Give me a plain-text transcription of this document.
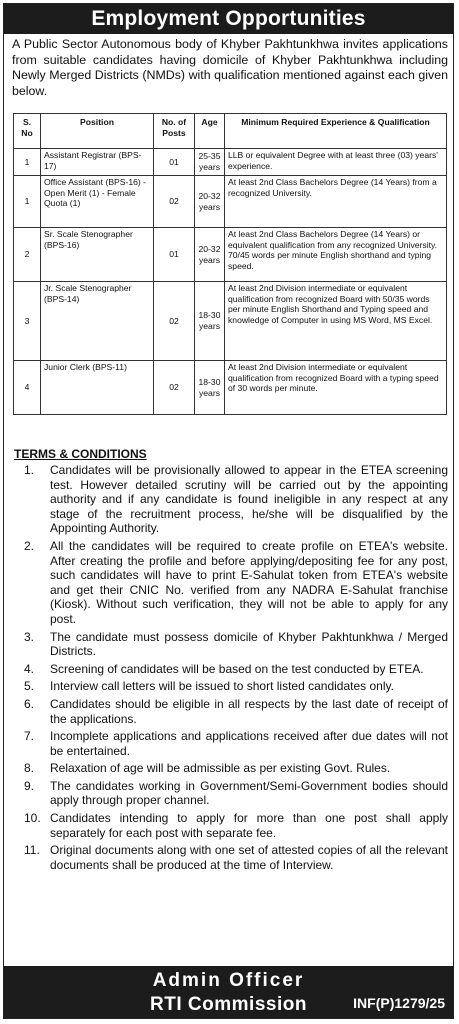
Employment Opportunities

A Public Sector Autonomous body of Khyber Pakhtunkhwa invites applications from suitable candidates having domicile of Khyber Pakhtunkhwa including Newly Merged Districts (NMDs) with qualification mentioned against each given below.

S. No	Position	No. of Posts	Age	Minimum Required Experience & Qualification
1	Assistant Registrar (BPS-17)	01	25-35 years	LLB or equivalent Degree with at least three (03) years' experience.
1	Office Assistant (BPS-16) - Open Merit (1) - Female Quota (1)	02	20-32 years	At least 2nd Class Bachelors Degree (14 Years) from a recognized University.
2	Sr. Scale Stenographer (BPS-16)	01	20-32 years	At least 2nd Class Bachelors Degree (14 Years) or equivalent qualification from any recognized University. 70/45 words per minute English shorthand and typing speed.
3	Jr. Scale Stenographer (BPS-14)	02	18-30 years	At least 2nd Division intermediate or equivalent qualification from recognized Board with 50/35 words per minute English Shorthand and Typing speed and knowledge of Computer in using MS Word, MS Excel.
4	Junior Clerk (BPS-11)	02	18-30 years	At least 2nd Division intermediate or equivalent qualification from recognized Board with a typing speed of 30 words per minute.

TERMS & CONDITIONS

1.	Candidates will be provisionally allowed to appear in the ETEA screening test. However detailed scrutiny will be carried out by the appointing authority and if any candidate is found ineligible in any respect at any stage of the recruitment process, he/she will be disqualified by the Appointing Authority.
2.	All the candidates will be required to create profile on ETEA's website. After creating the profile and before applying/depositing fee for any post, such candidates will have to print E-Sahulat token from ETEA's website and get their CNIC No. verified from any NADRA E-Sahulat franchise (Kiosk). Without such verification, they will not be able to apply for any post.
3.	The candidate must possess domicile of Khyber Pakhtunkhwa / Merged Districts.
4.	Screening of candidates will be based on the test conducted by ETEA.
5.	Interview call letters will be issued to short listed candidates only.
6.	Candidates should be eligible in all respects by the last date of receipt of the applications.
7.	Incomplete applications and applications received after due dates will not be entertained.
8.	Relaxation of age will be admissible as per existing Govt. Rules.
9.	The candidates working in Government/Semi-Government bodies should apply through proper channel.
10. Candidates intending to apply for more than one post shall apply separately for each post with separate fee.
11. Original documents along with one set of attested copies of all the relevant documents shall be produced at the time of Interview.
Admin Officer
RTI Commission	INF(P)1279/25
